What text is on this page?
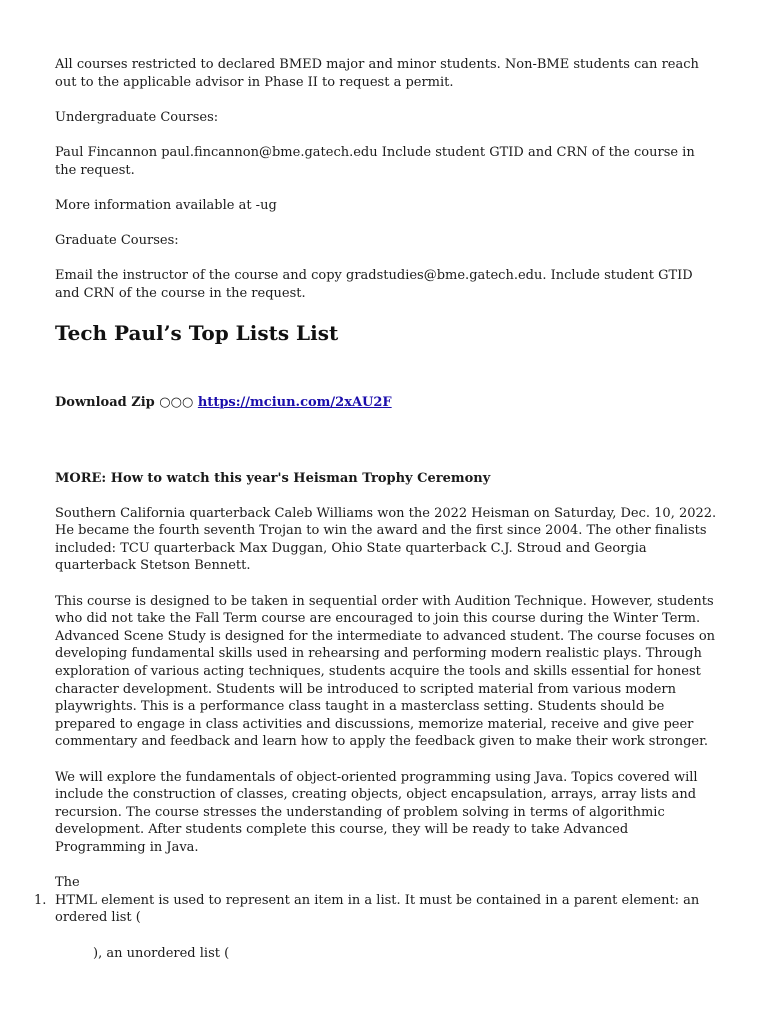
All courses restricted to declared BMED major and minor students. Non-BME students can reach out to the applicable advisor in Phase II to request a permit.

Undergraduate Courses:

Paul Fincannon paul.fincannon@bme.gatech.edu Include student GTID and CRN of the course in the request.

More information available at -ug

Graduate Courses:

Email the instructor of the course and copy gradstudies@bme.gatech.edu. Include student GTID and CRN of the course in the request.

Tech Paul’s Top Lists List

Download Zip ○○○ https://mciun.com/2xAU2F

MORE: How to watch this year's Heisman Trophy Ceremony

Southern California quarterback Caleb Williams won the 2022 Heisman on Saturday, Dec. 10, 2022. He became the fourth seventh Trojan to win the award and the first since 2004. The other finalists included: TCU quarterback Max Duggan, Ohio State quarterback C.J. Stroud and Georgia quarterback Stetson Bennett.

This course is designed to be taken in sequential order with Audition Technique. However, students who did not take the Fall Term course are encouraged to join this course during the Winter Term. Advanced Scene Study is designed for the intermediate to advanced student. The course focuses on developing fundamental skills used in rehearsing and performing modern realistic plays. Through exploration of various acting techniques, students acquire the tools and skills essential for honest character development. Students will be introduced to scripted material from various modern playwrights. This is a performance class taught in a masterclass setting. Students should be prepared to engage in class activities and discussions, memorize material, receive and give peer commentary and feedback and learn how to apply the feedback given to make their work stronger.

We will explore the fundamentals of object-oriented programming using Java. Topics covered will include the construction of classes, creating objects, object encapsulation, arrays, array lists and recursion. The course stresses the understanding of problem solving in terms of algorithmic development. After students complete this course, they will be ready to take Advanced Programming in Java.

The
1. HTML element is used to represent an item in a list. It must be contained in a parent element: an ordered list (
), an unordered list (
